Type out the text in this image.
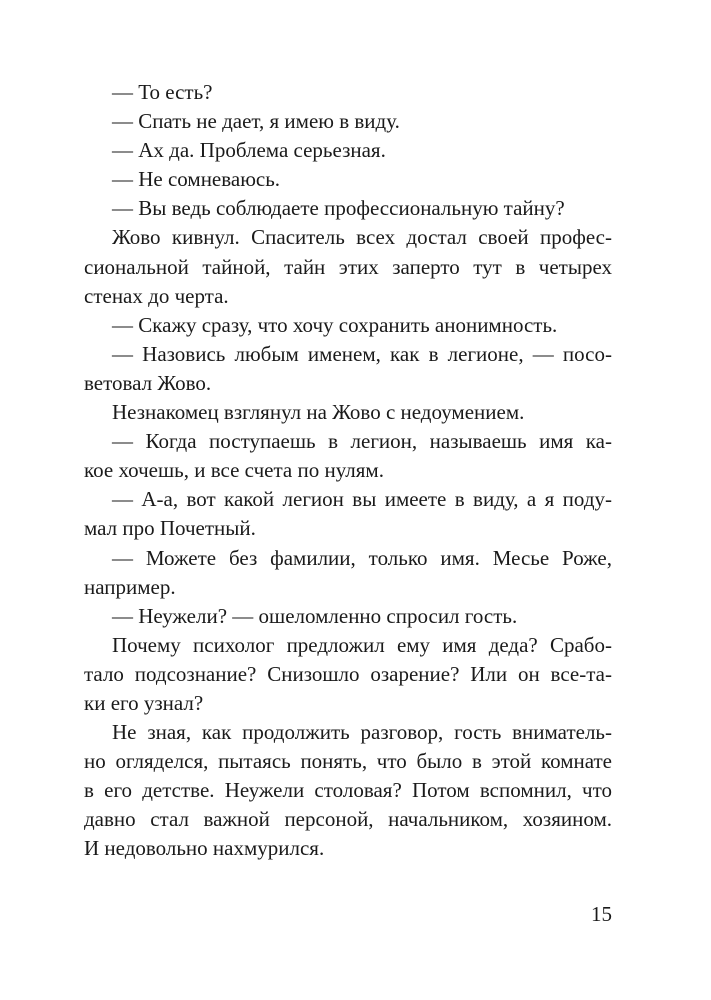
— То есть?
— Спать не дает, я имею в виду.
— Ах да. Проблема серьезная.
— Не сомневаюсь.
— Вы ведь соблюдаете профессиональную тайну?
Жово кивнул. Спаситель всех достал своей профес-
сиональной тайной, тайн этих заперто тут в четырех
стенах до черта.
— Скажу сразу, что хочу сохранить анонимность.
— Назовись любым именем, как в легионе, — посо-
ветовал Жово.
Незнакомец взглянул на Жово с недоумением.
— Когда поступаешь в легион, называешь имя ка-
кое хочешь, и все счета по нулям.
— А-а, вот какой легион вы имеете в виду, а я поду-
мал про Почетный.
— Можете без фамилии, только имя. Месье Роже,
например.
— Неужели? — ошеломленно спросил гость.
Почему психолог предложил ему имя деда? Срабо-
тало подсознание? Снизошло озарение? Или он все-та-
ки его узнал?
Не зная, как продолжить разговор, гость вниматель-
но огляделся, пытаясь понять, что было в этой комнате
в его детстве. Неужели столовая? Потом вспомнил, что
давно стал важной персоной, начальником, хозяином.
И недовольно нахмурился.
15
